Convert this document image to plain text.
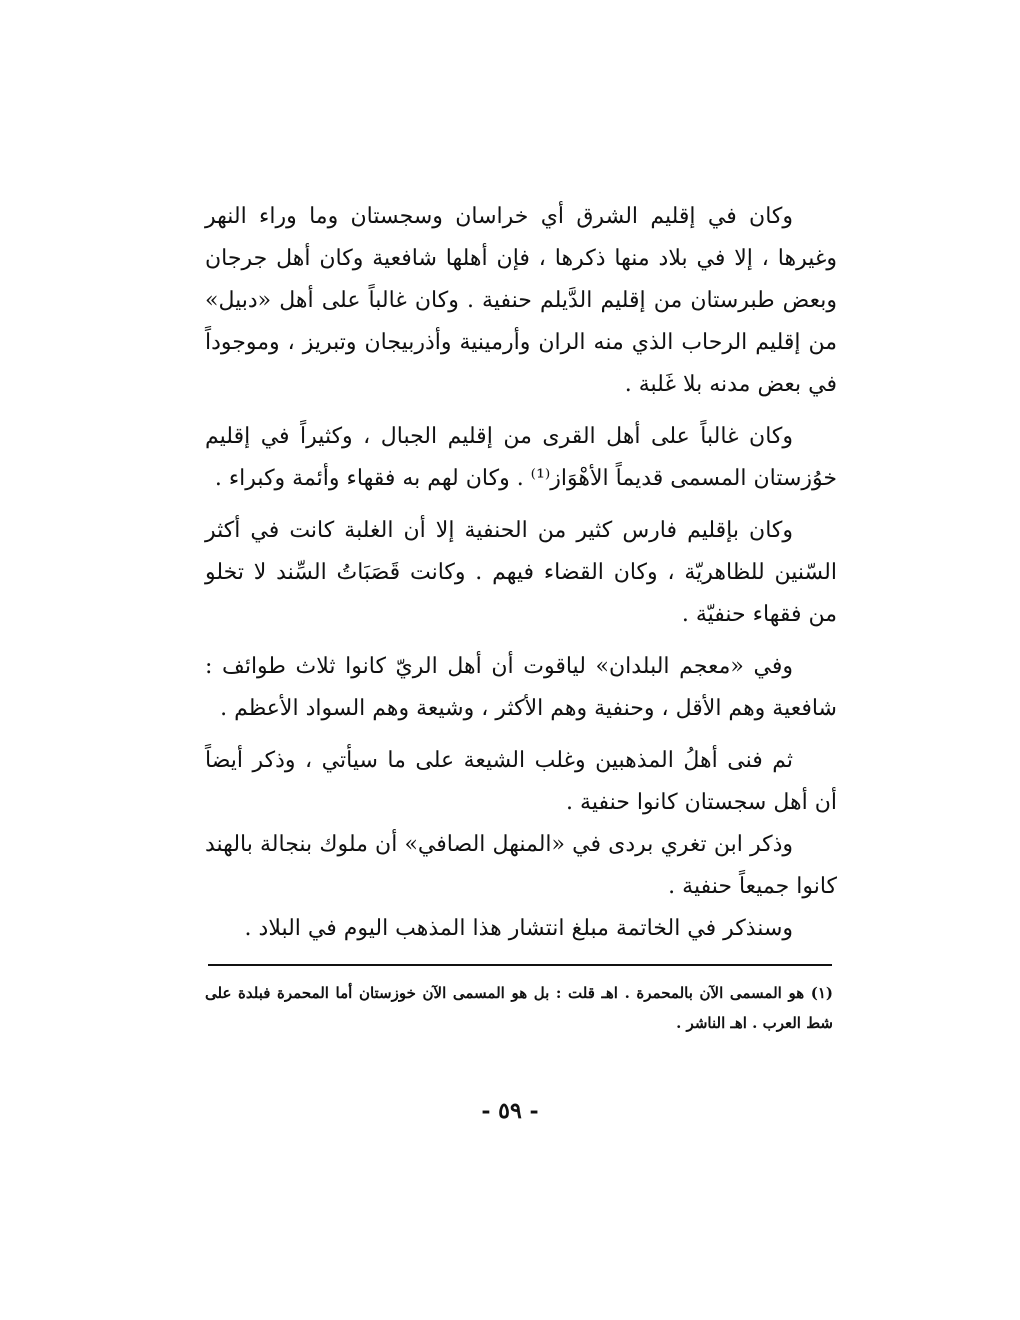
وكان في إقليم الشرق أي خراسان وسجستان وما وراء النهر وغيرها ، إلا في بلاد منها ذكرها ، فإن أهلها شافعية وكان أهل جرجان وبعض طبرستان من إقليم الدَّيلم حنفية . وكان غالباً على أهل «دبيل» من إقليم الرحاب الذي منه الران وأرمينية وأذربيجان وتبريز ، وموجوداً في بعض مدنه بلا غَلبة .

وكان غالباً على أهل القرى من إقليم الجبال ، وكثيراً في إقليم خوُزستان المسمى قديماً الأهْوَاز⁽¹⁾ . وكان لهم به فقهاء وأئمة وكبراء .

وكان بإقليم فارس كثير من الحنفية إلا أن الغلبة كانت في أكثر السّنين للظاهريّة ، وكان القضاء فيهم . وكانت قَصَبَاتُ السِّند لا تخلو من فقهاء حنفيّة .

وفي «معجم البلدان» لياقوت أن أهل الريّ كانوا ثلاث طوائف : شافعية وهم الأقل ، وحنفية وهم الأكثر ، وشيعة وهم السواد الأعظم .

ثم فنى أهلُ المذهبين وغلب الشيعة على ما سيأتي ، وذكر أيضاً أن أهل سجستان كانوا حنفية .

وذكر ابن تغري بردى في «المنهل الصافي» أن ملوك بنجالة بالهند كانوا جميعاً حنفية .

وسنذكر في الخاتمة مبلغ انتشار هذا المذهب اليوم في البلاد .

(١) هو المسمى الآن بالمحمرة . اهـ قلت : بل هو المسمى الآن خوزستان أما المحمرة فبلدة على شط العرب . اهـ الناشر .

- ٥٩ -
